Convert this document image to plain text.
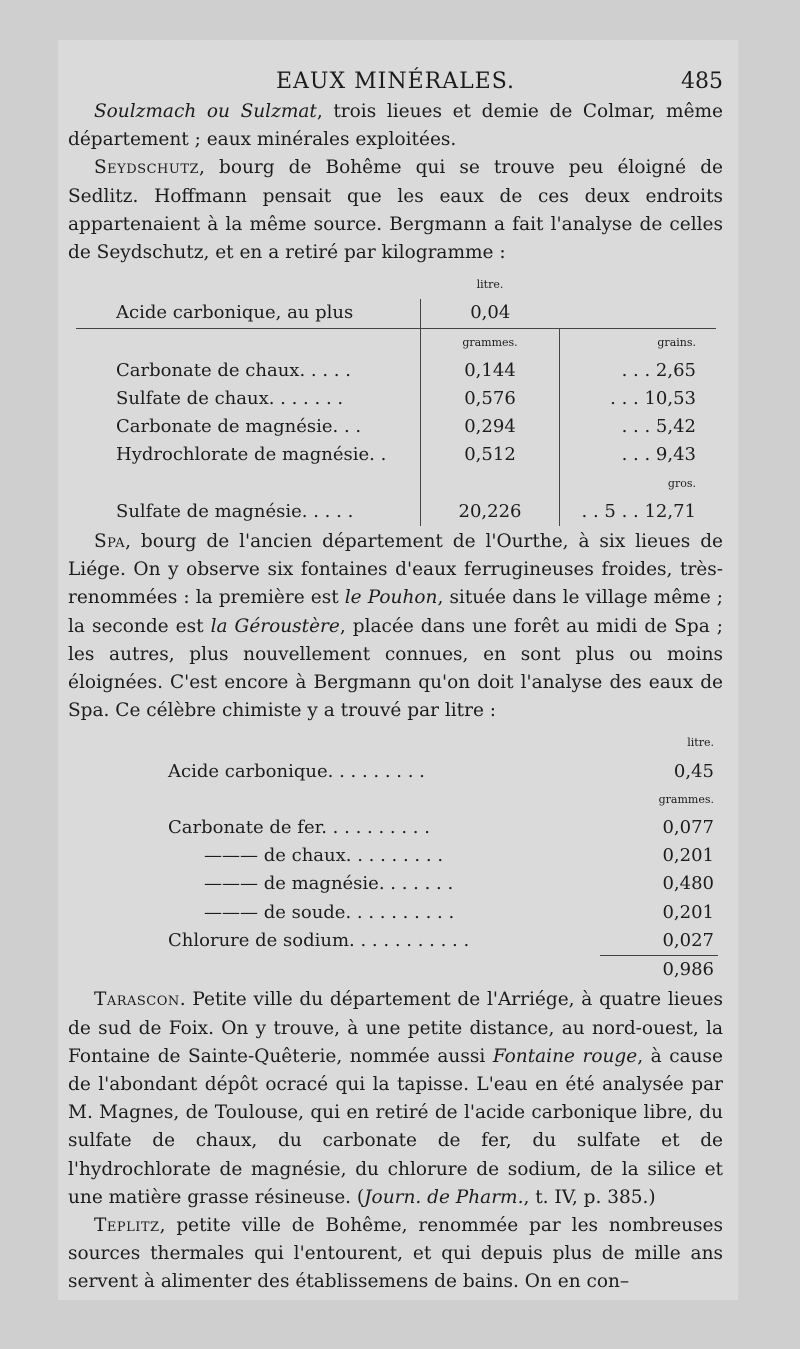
EAUX MINÉRALES.	485

Soulzmach ou Sulzmat, trois lieues et demie de Colmar, même département ; eaux minérales exploitées.

Seydschutz, bourg de Bohême qui se trouve peu éloigné de Sedlitz. Hoffmann pensait que les eaux de ces deux endroits appartenaient à la même source. Bergmann a fait l'analyse de celles de Seydschutz, et en a retiré par kilogramme :

	litre.	
Acide carbonique, au plus	0,04	
	grammes.	grains.
Carbonate de chaux. . . . .	0,144	. . . 2,65
Sulfate de chaux. . . . . . .	0,576	. . . 10,53
Carbonate de magnésie. . .	0,294	. . . 5,42
Hydrochlorate de magnésie. .	0,512	. . . 9,43
		gros.
Sulfate de magnésie. . . . .	20,226	. . 5 . . 12,71

Spa, bourg de l'ancien département de l'Ourthe, à six lieues de Liége. On y observe six fontaines d'eaux ferrugineuses froides, très-renommées : la première est le Pouhon, située dans le village même ; la seconde est la Géroustère, placée dans une forêt au midi de Spa ; les autres, plus nouvellement connues, en sont plus ou moins éloignées. C'est encore à Bergmann qu'on doit l'analyse des eaux de Spa. Ce célèbre chimiste y a trouvé par litre :

	litre.
Acide carbonique. . . . . . . . .	0,45
	grammes.
Carbonate de fer. . . . . . . . . .	0,077
——— de chaux. . . . . . . . .	0,201
——— de magnésie. . . . . . .	0,480
——— de soude. . . . . . . . . .	0,201
Chlorure de sodium. . . . . . . . . . .	0,027
	0,986

Tarascon. Petite ville du département de l'Arriége, à quatre lieues de sud de Foix. On y trouve, à une petite distance, au nord-ouest, la Fontaine de Sainte-Quêterie, nommée aussi Fontaine rouge, à cause de l'abondant dépôt ocracé qui la tapisse. L'eau en été analysée par M. Magnes, de Toulouse, qui en retiré de l'acide carbonique libre, du sulfate de chaux, du carbonate de fer, du sulfate et de l'hydrochlorate de magnésie, du chlorure de sodium, de la silice et une matière grasse résineuse. (Journ. de Pharm., t. IV, p. 385.)

Teplitz, petite ville de Bohême, renommée par les nombreuses sources thermales qui l'entourent, et qui depuis plus de mille ans servent à alimenter des établissemens de bains. On en con–
